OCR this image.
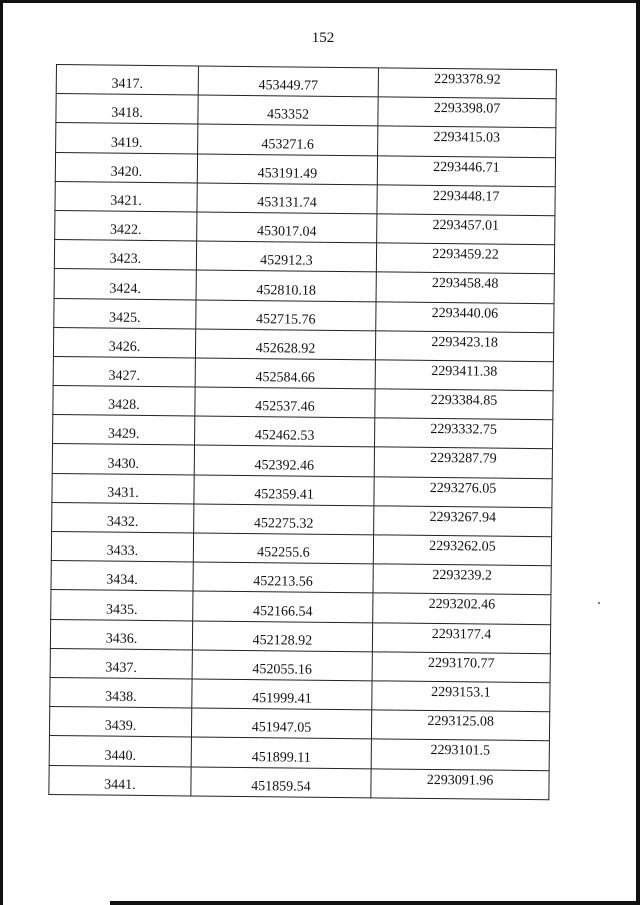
152
3417.	453449.77	2293378.92
3418.	453352	2293398.07
3419.	453271.6	2293415.03
3420.	453191.49	2293446.71
3421.	453131.74	2293448.17
3422.	453017.04	2293457.01
3423.	452912.3	2293459.22
3424.	452810.18	2293458.48
3425.	452715.76	2293440.06
3426.	452628.92	2293423.18
3427.	452584.66	2293411.38
3428.	452537.46	2293384.85
3429.	452462.53	2293332.75
3430.	452392.46	2293287.79
3431.	452359.41	2293276.05
3432.	452275.32	2293267.94
3433.	452255.6	2293262.05
3434.	452213.56	2293239.2
3435.	452166.54	2293202.46
3436.	452128.92	2293177.4
3437.	452055.16	2293170.77
3438.	451999.41	2293153.1
3439.	451947.05	2293125.08
3440.	451899.11	2293101.5
3441.	451859.54	2293091.96
